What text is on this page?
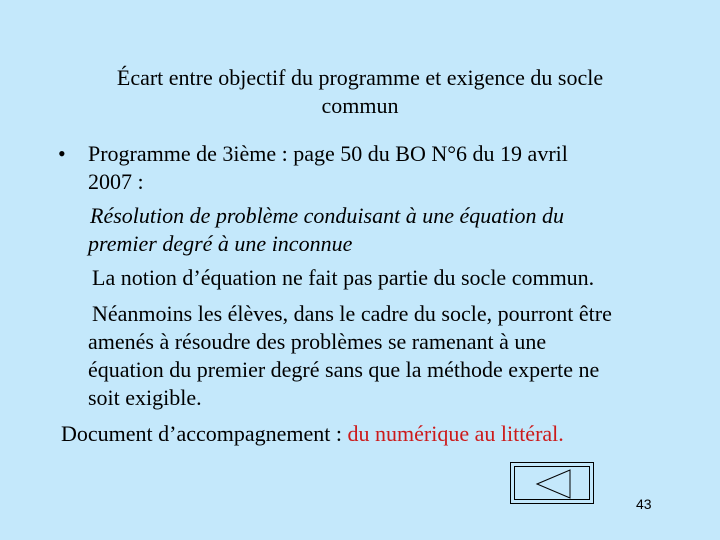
Écart entre objectif du programme et exigence du socle
commun
• Programme de 3ième : page 50 du BO N°6 du 19 avril
2007 :
Résolution de problème conduisant à une équation du
premier degré à une inconnue
La notion d’équation ne fait pas partie du socle commun.
Néanmoins les élèves, dans le cadre du socle, pourront être
amenés à résoudre des problèmes se ramenant à une
équation du premier degré sans que la méthode experte ne
soit exigible.
Document d’accompagnement : du numérique au littéral.
43
